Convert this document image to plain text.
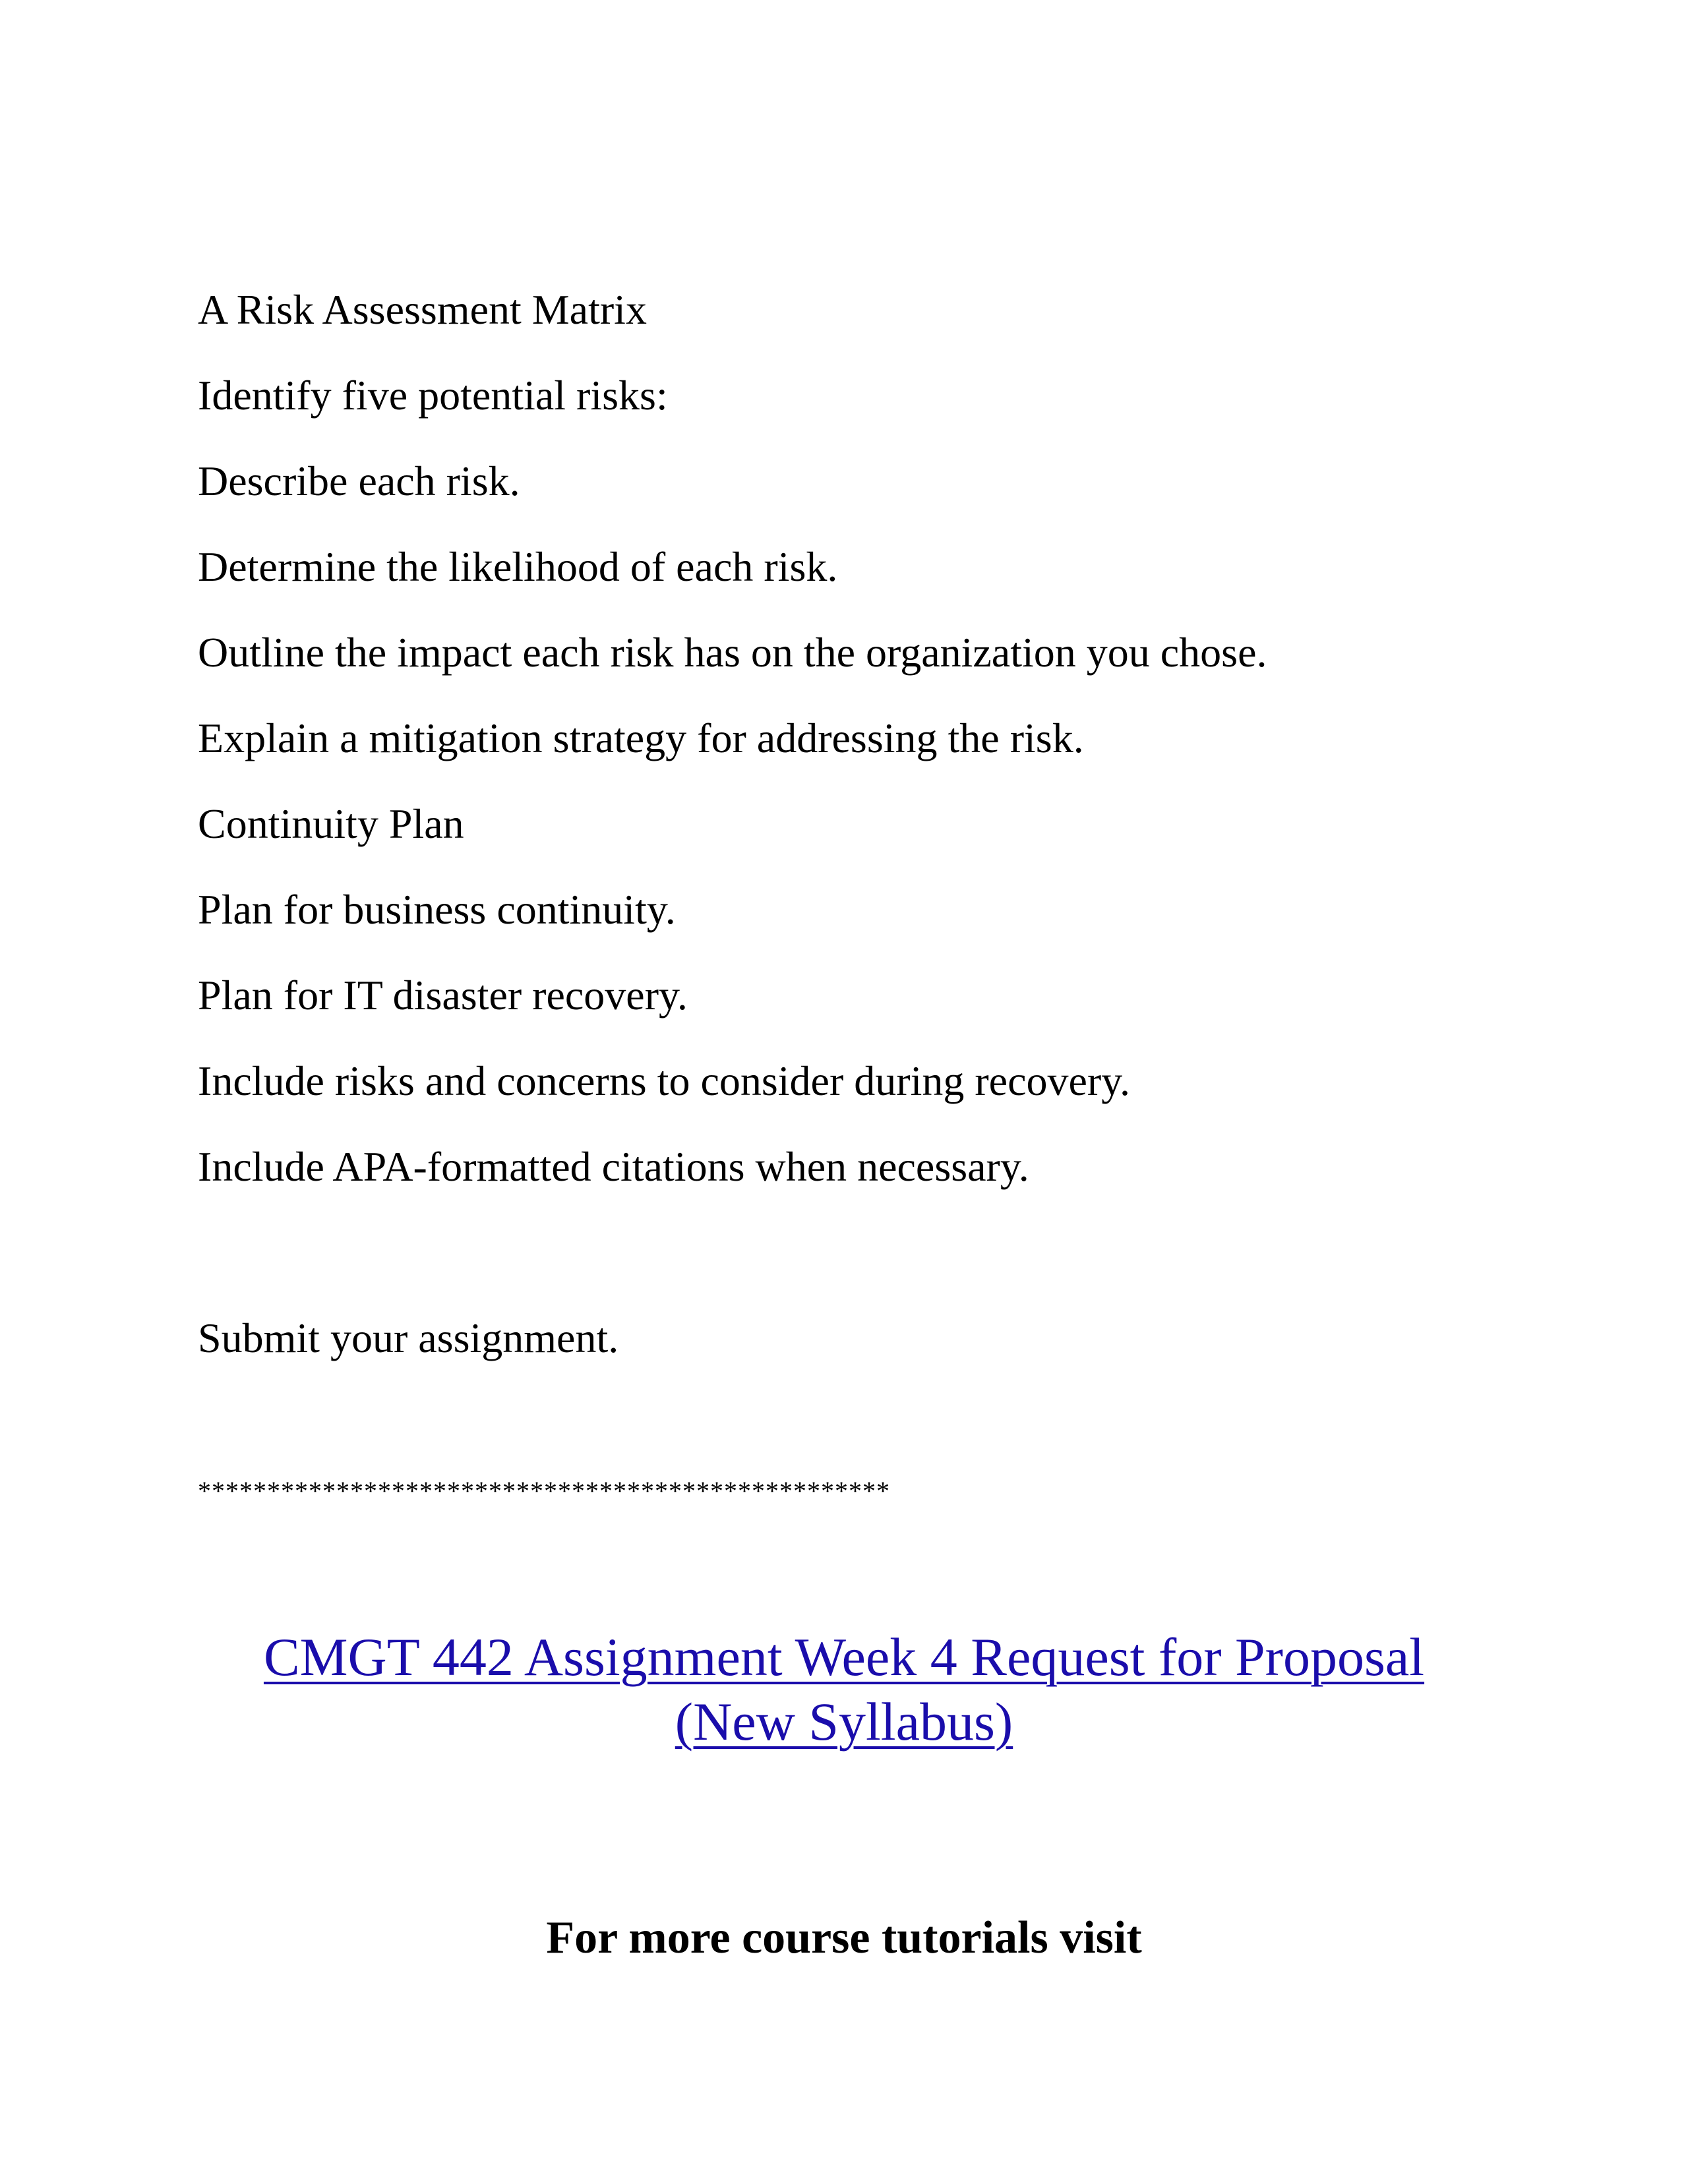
A Risk Assessment Matrix
Identify five potential risks:
Describe each risk.
Determine the likelihood of each risk.
Outline the impact each risk has on the organization you chose.
Explain a mitigation strategy for addressing the risk.
Continuity Plan
Plan for business continuity.
Plan for IT disaster recovery.
Include risks and concerns to consider during recovery.
Include APA-formatted citations when necessary.
Submit your assignment.
**************************************************
CMGT 442 Assignment Week 4 Request for Proposal
(New Syllabus)
For more course tutorials visit
